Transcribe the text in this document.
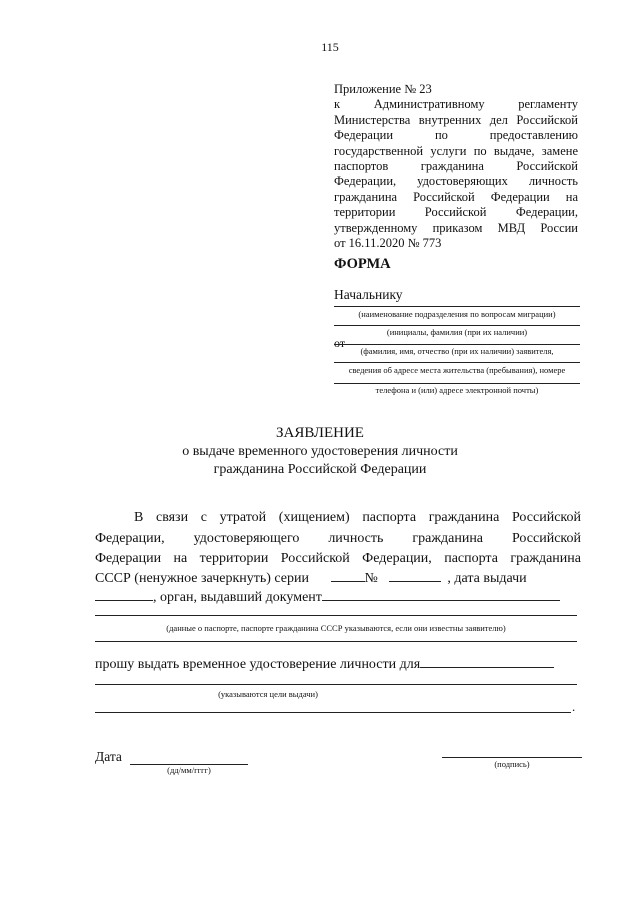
115
Приложение № 23
к Административному регламенту
Министерства внутренних дел Российской
Федерации по предоставлению
государственной услуги по выдаче, замене
паспортов гражданина Российской
Федерации, удостоверяющих личность
гражданина Российской Федерации на
территории Российской Федерации,
утвержденному приказом МВД России
от 16.11.2020 № 773
ФОРМА
Начальнику
(наименование подразделения по вопросам миграции)
(инициалы, фамилия (при их наличии)
от
(фамилия, имя, отчество (при их наличии) заявителя,
сведения об адресе места жительства (пребывания), номере
телефона и (или) адресе электронной почты)
ЗАЯВЛЕНИЕ
о выдаче временного удостоверения личности
гражданина Российской Федерации
В связи с утратой (хищением) паспорта гражданина Российской
Федерации, удостоверяющего личность гражданина Российской
Федерации на территории Российской Федерации, паспорта гражданина
СССР (ненужное зачеркнуть) серии	№	, дата выдачи
, орган, выдавший документ
(данные о паспорте, паспорте гражданина СССР указываются, если они известны заявителю)
прошу выдать временное удостоверение личности для
(указываются цели выдачи)
.
Дата
(дд/мм/гггг)
(подпись)
